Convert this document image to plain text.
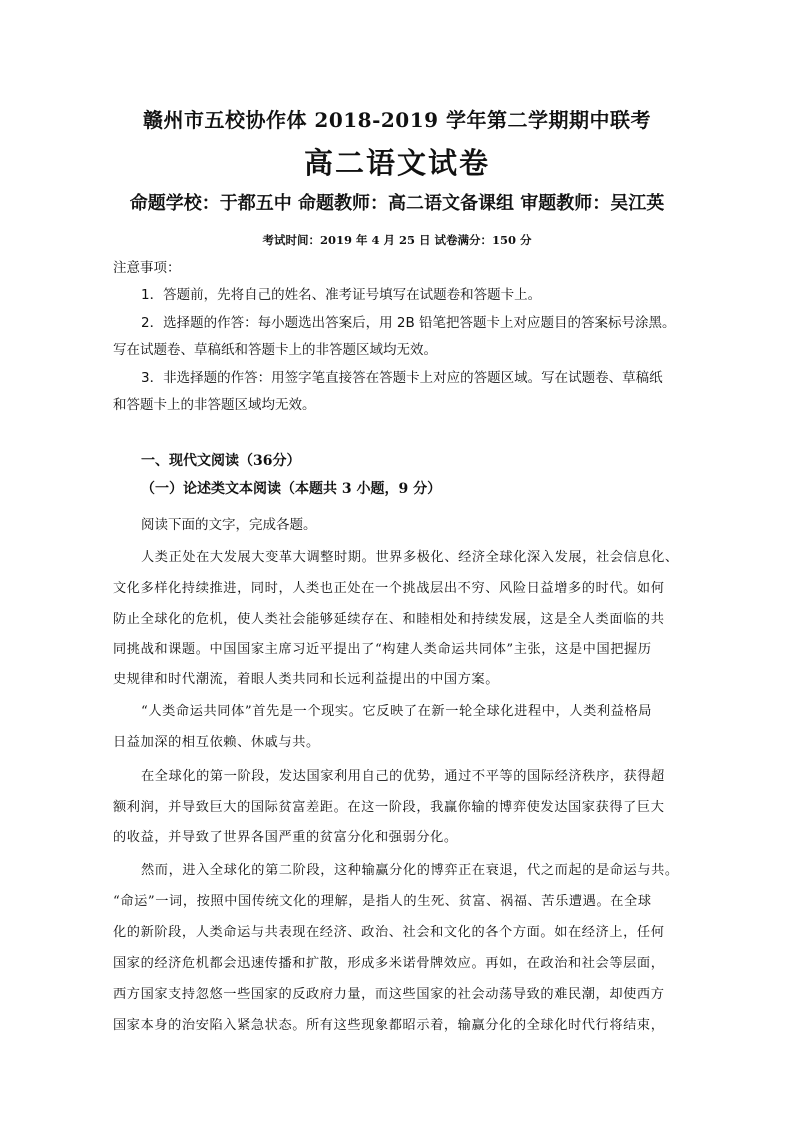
赣州市五校协作体 2018-2019 学年第二学期期中联考
高二语文试卷
命题学校：于都五中 命题教师：高二语文备课组 审题教师：吴江英
考试时间：2019 年 4 月 25 日 试卷满分：150 分
注意事项：
1．答题前，先将自己的姓名、准考证号填写在试题卷和答题卡上。
2．选择题的作答：每小题选出答案后，用 2B 铅笔把答题卡上对应题目的答案标号涂黑。
写在试题卷、草稿纸和答题卡上的非答题区域均无效。
3．非选择题的作答：用签字笔直接答在答题卡上对应的答题区域。写在试题卷、草稿纸
和答题卡上的非答题区域均无效。
一、现代文阅读（36分）
（一）论述类文本阅读（本题共 3 小题，9 分）
阅读下面的文字，完成各题。
人类正处在大发展大变革大调整时期。世界多极化、经济全球化深入发展，社会信息化、
文化多样化持续推进，同时，人类也正处在一个挑战层出不穷、风险日益增多的时代。如何
防止全球化的危机，使人类社会能够延续存在、和睦相处和持续发展，这是全人类面临的共
同挑战和课题。中国国家主席习近平提出了“构建人类命运共同体”主张，这是中国把握历
史规律和时代潮流，着眼人类共同和长远利益提出的中国方案。
“人类命运共同体”首先是一个现实。它反映了在新一轮全球化进程中，人类利益格局
日益加深的相互依赖、休戚与共。
在全球化的第一阶段，发达国家利用自己的优势，通过不平等的国际经济秩序，获得超
额利润，并导致巨大的国际贫富差距。在这一阶段，我赢你输的博弈使发达国家获得了巨大
的收益，并导致了世界各国严重的贫富分化和强弱分化。
然而，进入全球化的第二阶段，这种输赢分化的博弈正在衰退，代之而起的是命运与共。
“命运”一词，按照中国传统文化的理解，是指人的生死、贫富、祸福、苦乐遭遇。在全球
化的新阶段，人类命运与共表现在经济、政治、社会和文化的各个方面。如在经济上，任何
国家的经济危机都会迅速传播和扩散，形成多米诺骨牌效应。再如，在政治和社会等层面，
西方国家支持忽悠一些国家的反政府力量，而这些国家的社会动荡导致的难民潮，却使西方
国家本身的治安陷入紧急状态。所有这些现象都昭示着，输赢分化的全球化时代行将结束，
